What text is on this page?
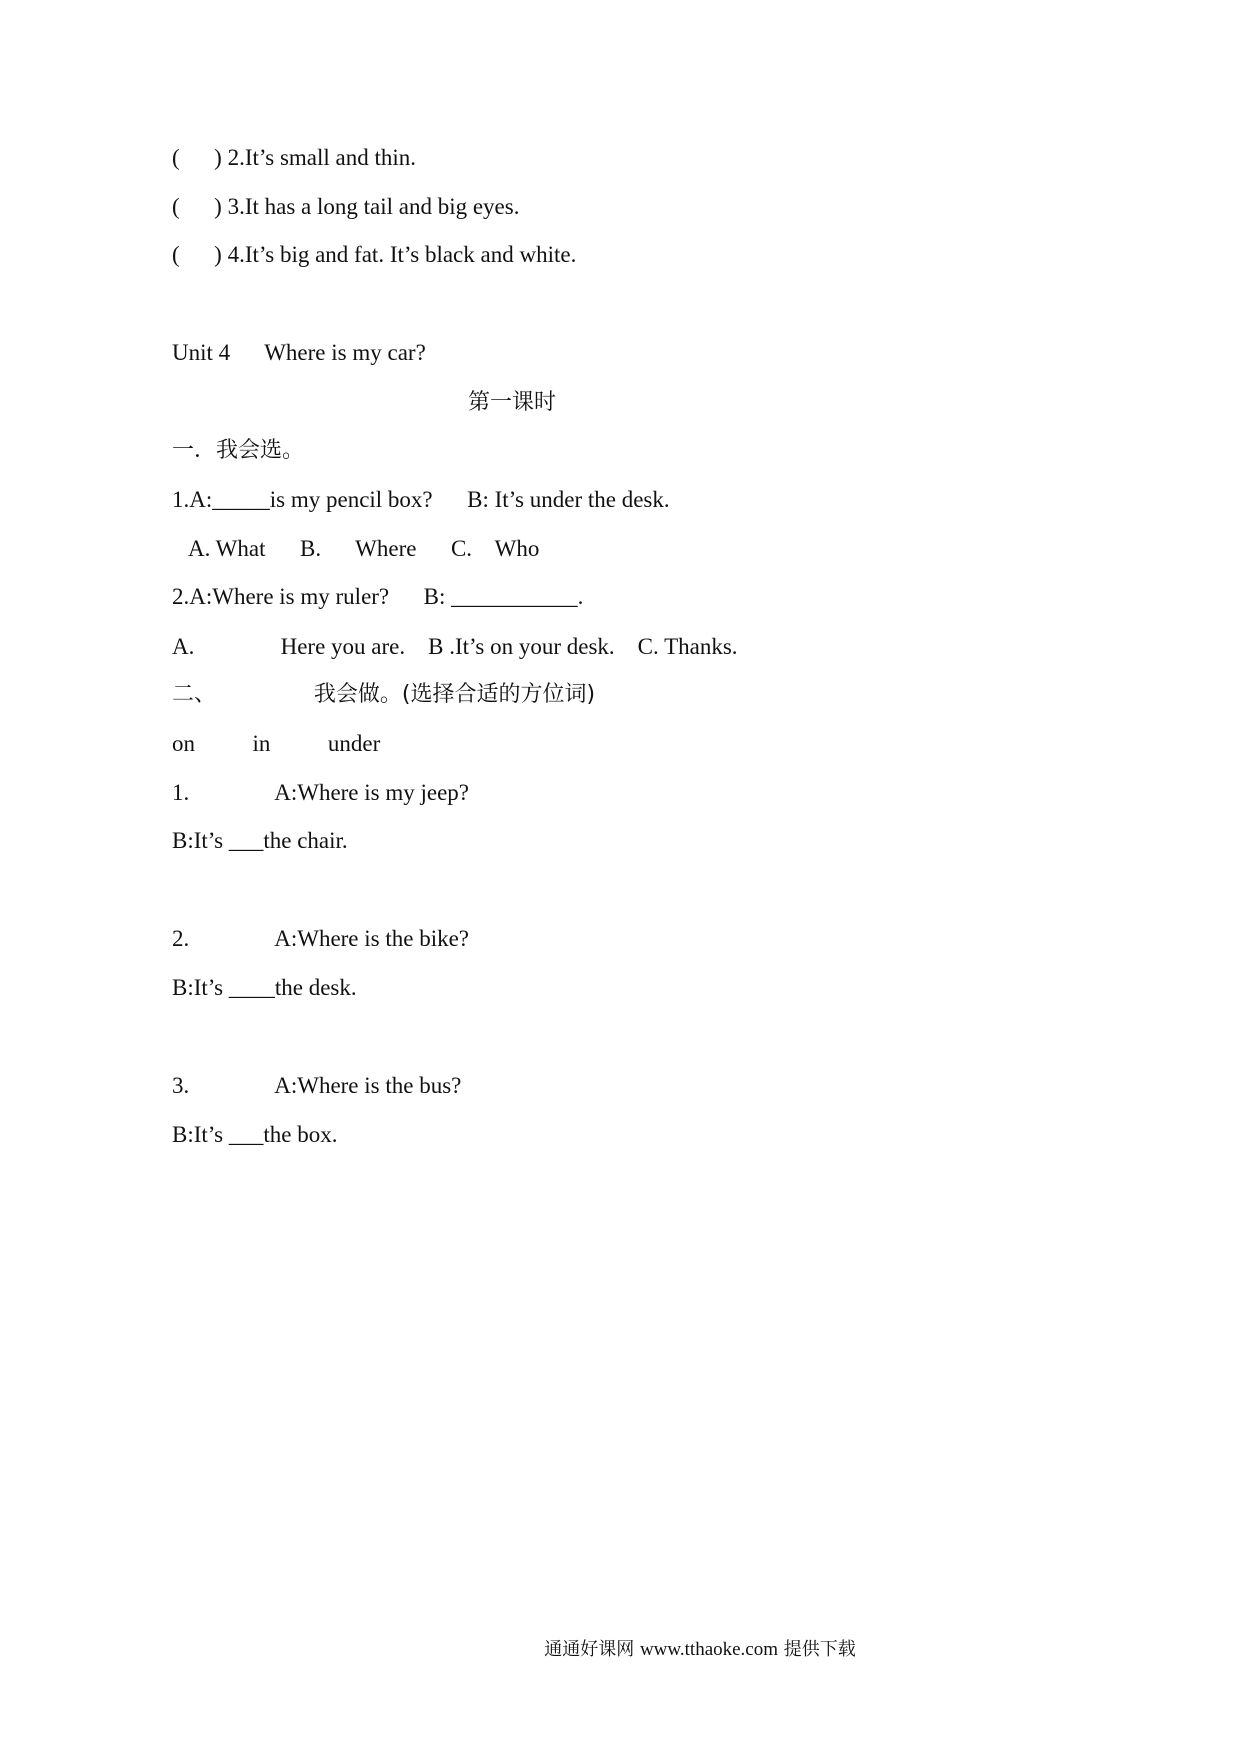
(      ) 2.It’s small and thin.
(      ) 3.It has a long tail and big eyes.
(      ) 4.It’s big and fat. It’s black and white.
Unit 4      Where is my car?
第一课时
一．我会选。
1.A:_____is my pencil box?      B: It’s under the desk.
A. What      B.      Where      C.    Who
2.A:Where is my ruler?      B: ___________.
A.               Here you are.    B .It’s on your desk.    C. Thanks.
二、              我会做。(选择合适的方位词)
on          in          under
1.               A:Where is my jeep?
B:It’s ___the chair.
2.               A:Where is the bike?
B:It’s ____the desk.
3.               A:Where is the bus?
B:It’s ___the box.
通通好课网 www.tthaoke.com 提供下载
